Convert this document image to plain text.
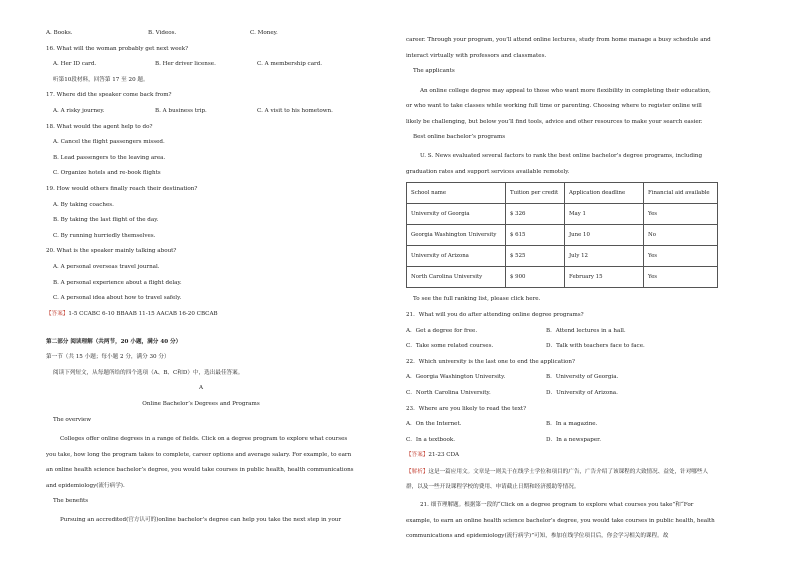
A. Books.	B. Videos.	C. Money.
16. What will the woman probably get next week?
A. Her ID card.	B. Her driver license.	C. A membership card.
听第10段材料，回答第 17 至 20 题。
17. Where did the speaker come back from?
A. A risky journey.	B. A business trip.	C. A visit to his hometown.
18. What would the agent help to do?
A. Cancel the flight passengers missed.
B. Lead passengers to the leaving area.
C. Organize hotels and re-book flights
19. How would others finally reach their destination?
A. By taking coaches.
B. By taking the last flight of the day.
C. By running hurriedly themselves.
20. What is the speaker mainly talking about?
A. A personal overseas travel journal.
B. A personal experience about a flight delay.
C. A personal idea about how to travel safely.
【答案】1-5 CCABC 6-10 BBAAB 11-15 AACAB 16-20 CBCAB
第二部分 阅读理解（共两节，20 小题，满分 40 分）
第一节（共 15 小题；每小题 2 分，满分 30 分）
阅读下列短文，从每题所给的四个选项（A、B、C和D）中，选出最佳答案。
A
Online Bachelor’s Degrees and Programs
The overview

Colleges offer online degrees in a range of fields. Click on a degree program to explore what courses you take, how long the program takes to complete, career options and average salary. For example, to earn an online health science bachelor’s degree, you would take courses in public health, health communications and epidemiology(流行病学).

The benefits

Pursuing an accredited(官方认可的)online bachelor’s degree can help you take the next step in your

career. Through your program, you’ll attend online lectures, study from home manage a busy schedule and interact virtually with professors and classmates.

The applicants

An online college degree may appeal to those who want more flexibility in completing their education, or who want to take classes while working full time or parenting. Choosing where to register online will likely be challenging, but below you’ll find tools, advice and other resources to make your search easier.

Best online bachelor’s programs

U. S. News evaluated several factors to rank the best online bachelor’s degree programs, including graduation rates and support services available remotely.

School name	Tuition per credit	Application deadline	Financial aid available
University of Georgia	$ 326	May 1	Yes
Georgia Washington University	$ 615	June 10	No
University of Arizona	$ 525	July 12	Yes
North Carolina University	$ 900	February 15	Yes
To see the full ranking list, please click here.
21．What will you do after attending online degree programs?
A．Get a degree for free.	B．Attend lectures in a hall.
C．Take some related courses.	D．Talk with teachers face to face.
22．Which university is the last one to end the application?
A．Georgia Washington University.	B．University of Georgia.
C．North Carolina University.	D．University of Arizona.
23．Where are you likely to read the text?
A．On the Internet.	B．In a magazine.
C．In a textbook.	D．In a newspaper.
【答案】21-23 CDA

【解析】这是一篇应用文。文章是一则关于在线学士学位和项目的广告，广告介绍了该课程的大致情况、益处，针对哪些人群，以及一些开设课程学校的费用、申请截止日期和经济援助等情况。

21. 细节理解题。根据第一段的“Click on a degree program to explore what courses you take”和“For example, to earn an online health science bachelor’s degree, you would take courses in public health, health communications and epidemiology(流行病学)”可知，参加在线学位项目后，你会学习相关的课程。故
